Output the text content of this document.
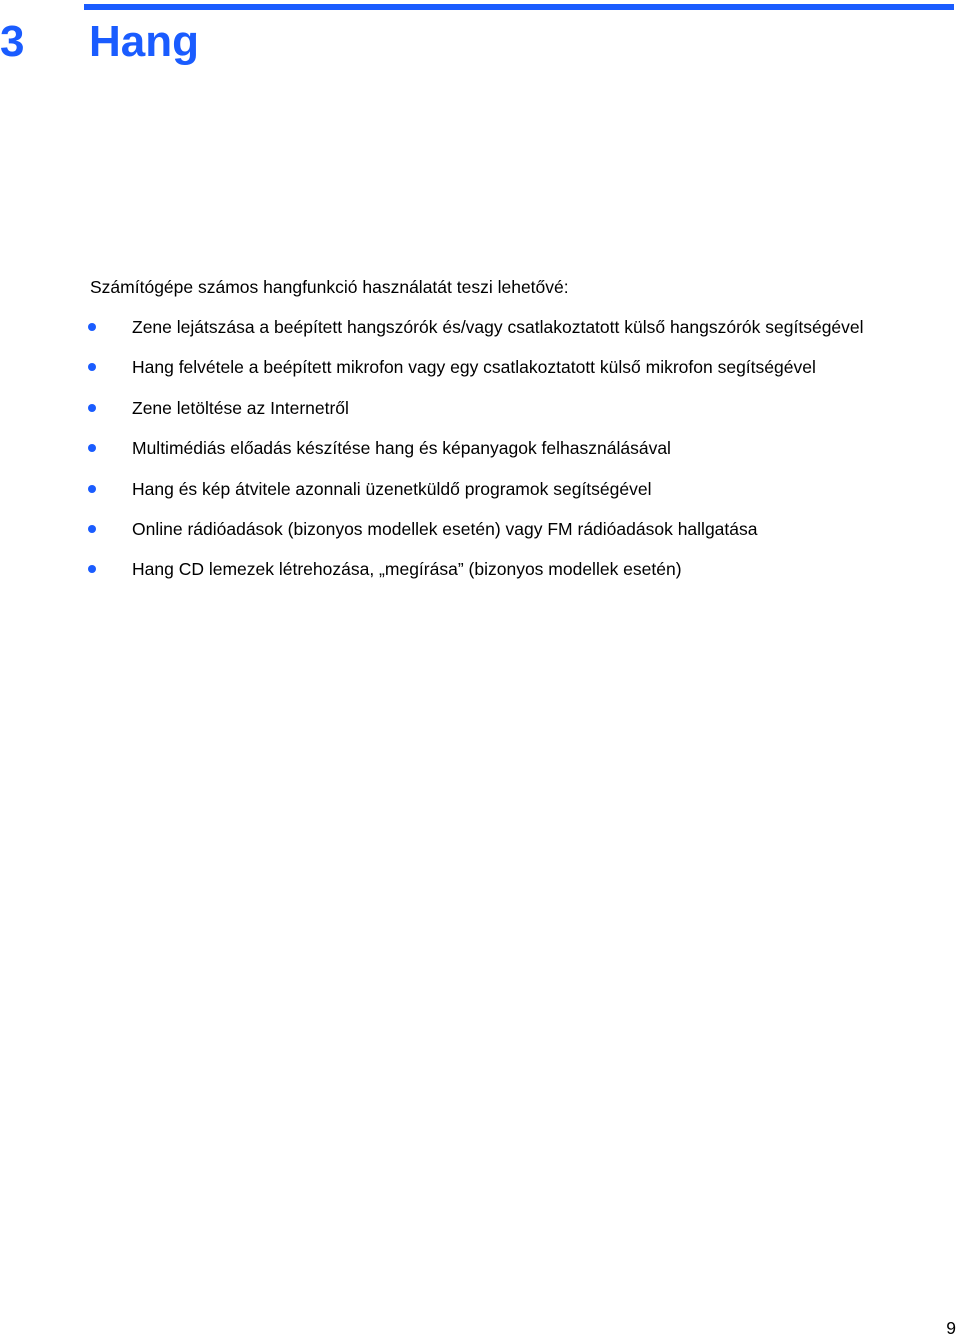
3 Hang

Számítógépe számos hangfunkció használatát teszi lehetővé:

Zene lejátszása a beépített hangszórók és/vagy csatlakoztatott külső hangszórók segítségével
Hang felvétele a beépített mikrofon vagy egy csatlakoztatott külső mikrofon segítségével
Zene letöltése az Internetről
Multimédiás előadás készítése hang és képanyagok felhasználásával
Hang és kép átvitele azonnali üzenetküldő programok segítségével
Online rádióadások (bizonyos modellek esetén) vagy FM rádióadások hallgatása
Hang CD lemezek létrehozása, „megírása” (bizonyos modellek esetén)
9
